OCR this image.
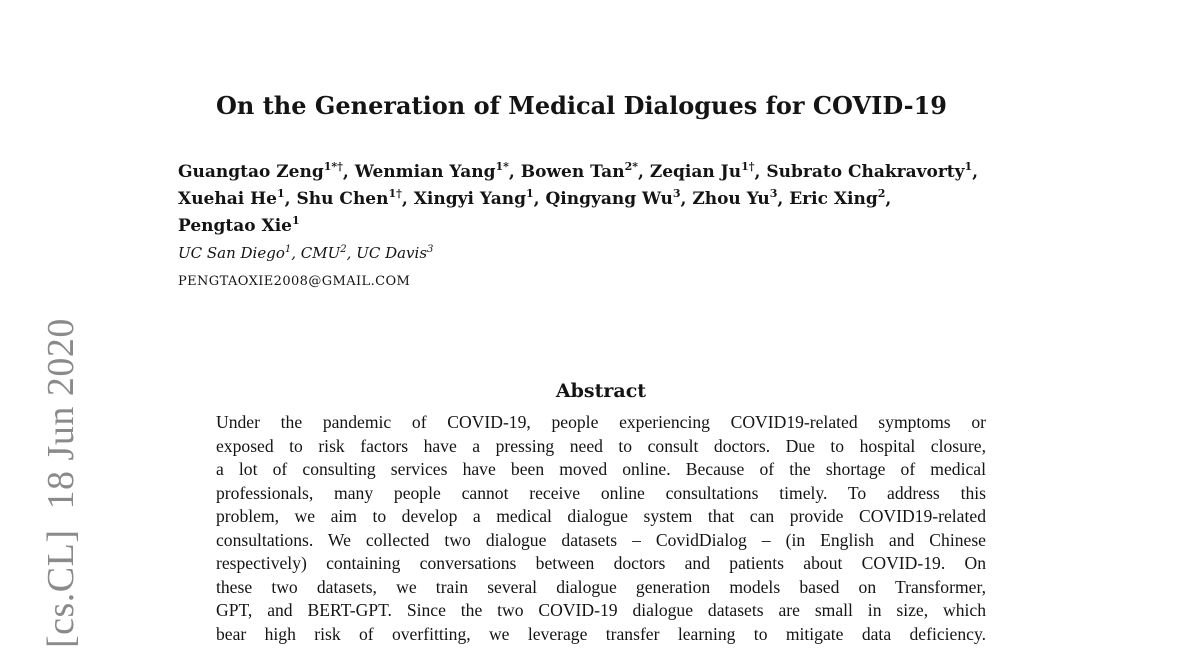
[cs.CL]18 Jun 2020
On the Generation of Medical Dialogues for COVID-19
Guangtao Zeng$^{1*\dagger}$, Wenmian Yang$^{1*}$, Bowen Tan$^{2*}$, Zeqian $Ju^{1\dagger}$, Subrato Chakravorty$^1$,
Xuehai He$^1$, Shu Chen$^{1\dagger}$, Xingyi Yang$^1$, Qingyang Wu$^3$, Zhou Yu$^3$, Eric Xing$^2$,
Pengtao Xie$^1$
UC San Diego$^1$, CMU$^2$, UC Davis$^3$
PENGTAOXIE2008@GMAIL.COM
Abstract
Under the pandemic of COVID-19, people experiencing COVID19-related symptoms or
exposed to risk factors have a pressing need to consult doctors. Due to hospital closure,
a lot of consulting services have been moved online. Because of the shortage of medical
professionals, many people cannot receive online consultations timely. To address this
problem, we aim to develop a medical dialogue system that can provide COVID19-related
consultations. We collected two dialogue datasets – CovidDialog – (in English and Chinese
respectively) containing conversations between doctors and patients about COVID-19. On
these two datasets, we train several dialogue generation models based on Transformer,
GPT, and BERT-GPT. Since the two COVID-19 dialogue datasets are small in size, which
bear high risk of overfitting, we leverage transfer learning to mitigate data deficiency.
